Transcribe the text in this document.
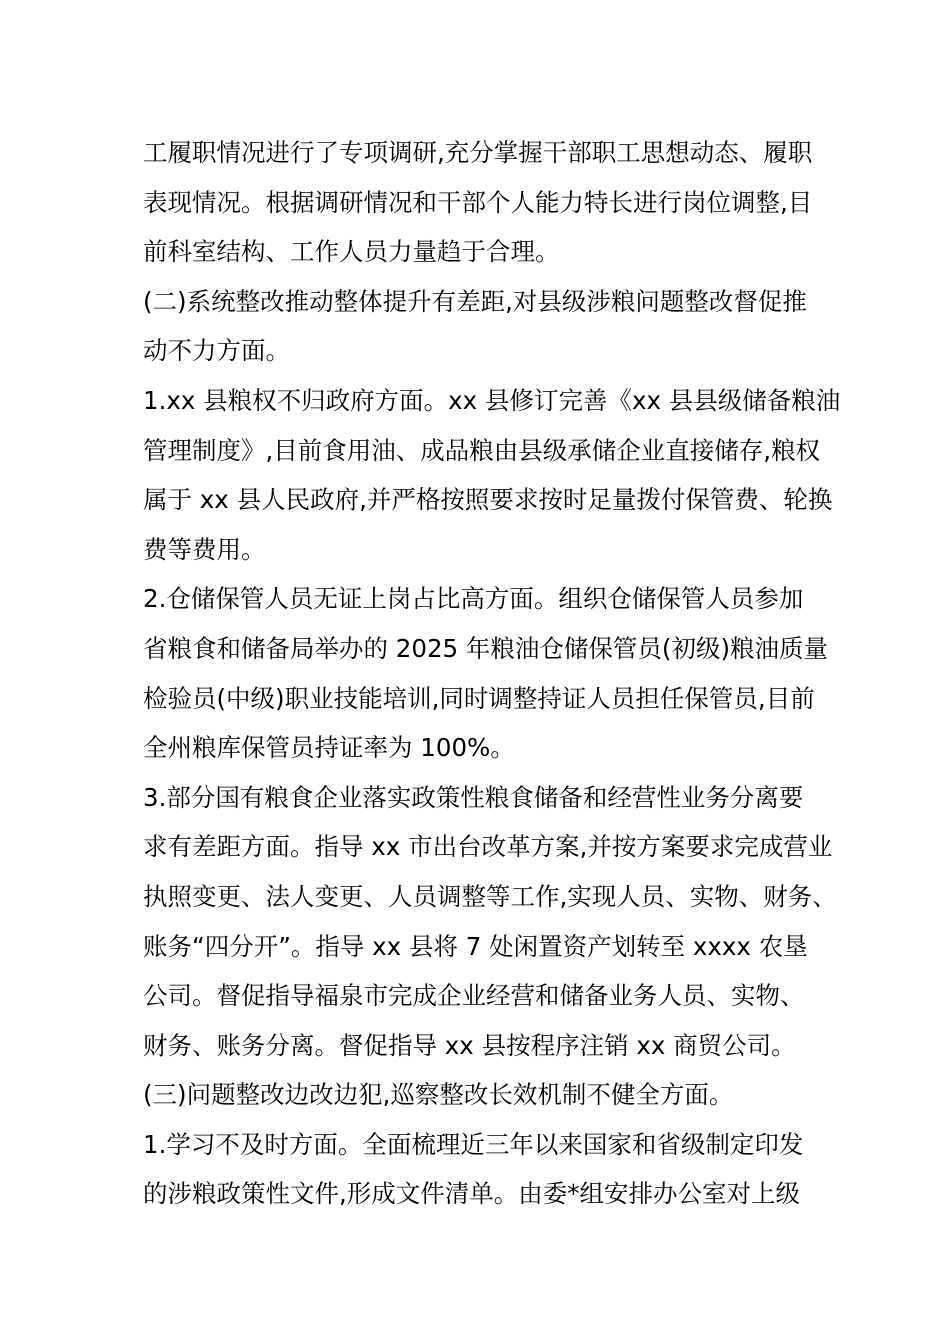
工履职情况进行了专项调研,充分掌握干部职工思想动态、履职
表现情况。根据调研情况和干部个人能力特长进行岗位调整,目
前科室结构、工作人员力量趋于合理。
(二)系统整改推动整体提升有差距,对县级涉粮问题整改督促推
动不力方面。
1.xx 县粮权不归政府方面。xx 县修订完善《xx 县县级储备粮油
管理制度》,目前食用油、成品粮由县级承储企业直接储存,粮权
属于 xx 县人民政府,并严格按照要求按时足量拨付保管费、轮换
费等费用。
2.仓储保管人员无证上岗占比高方面。组织仓储保管人员参加
省粮食和储备局举办的 2025 年粮油仓储保管员(初级)粮油质量
检验员(中级)职业技能培训,同时调整持证人员担任保管员,目前
全州粮库保管员持证率为 100%。
3.部分国有粮食企业落实政策性粮食储备和经营性业务分离要
求有差距方面。指导 xx 市出台改革方案,并按方案要求完成营业
执照变更、法人变更、人员调整等工作,实现人员、实物、财务、
账务“四分开”。指导 xx 县将 7 处闲置资产划转至 xxxx 农垦
公司。督促指导福泉市完成企业经营和储备业务人员、实物、
财务、账务分离。督促指导 xx 县按程序注销 xx 商贸公司。
(三)问题整改边改边犯,巡察整改长效机制不健全方面。
1.学习不及时方面。全面梳理近三年以来国家和省级制定印发
的涉粮政策性文件,形成文件清单。由委*组安排办公室对上级
